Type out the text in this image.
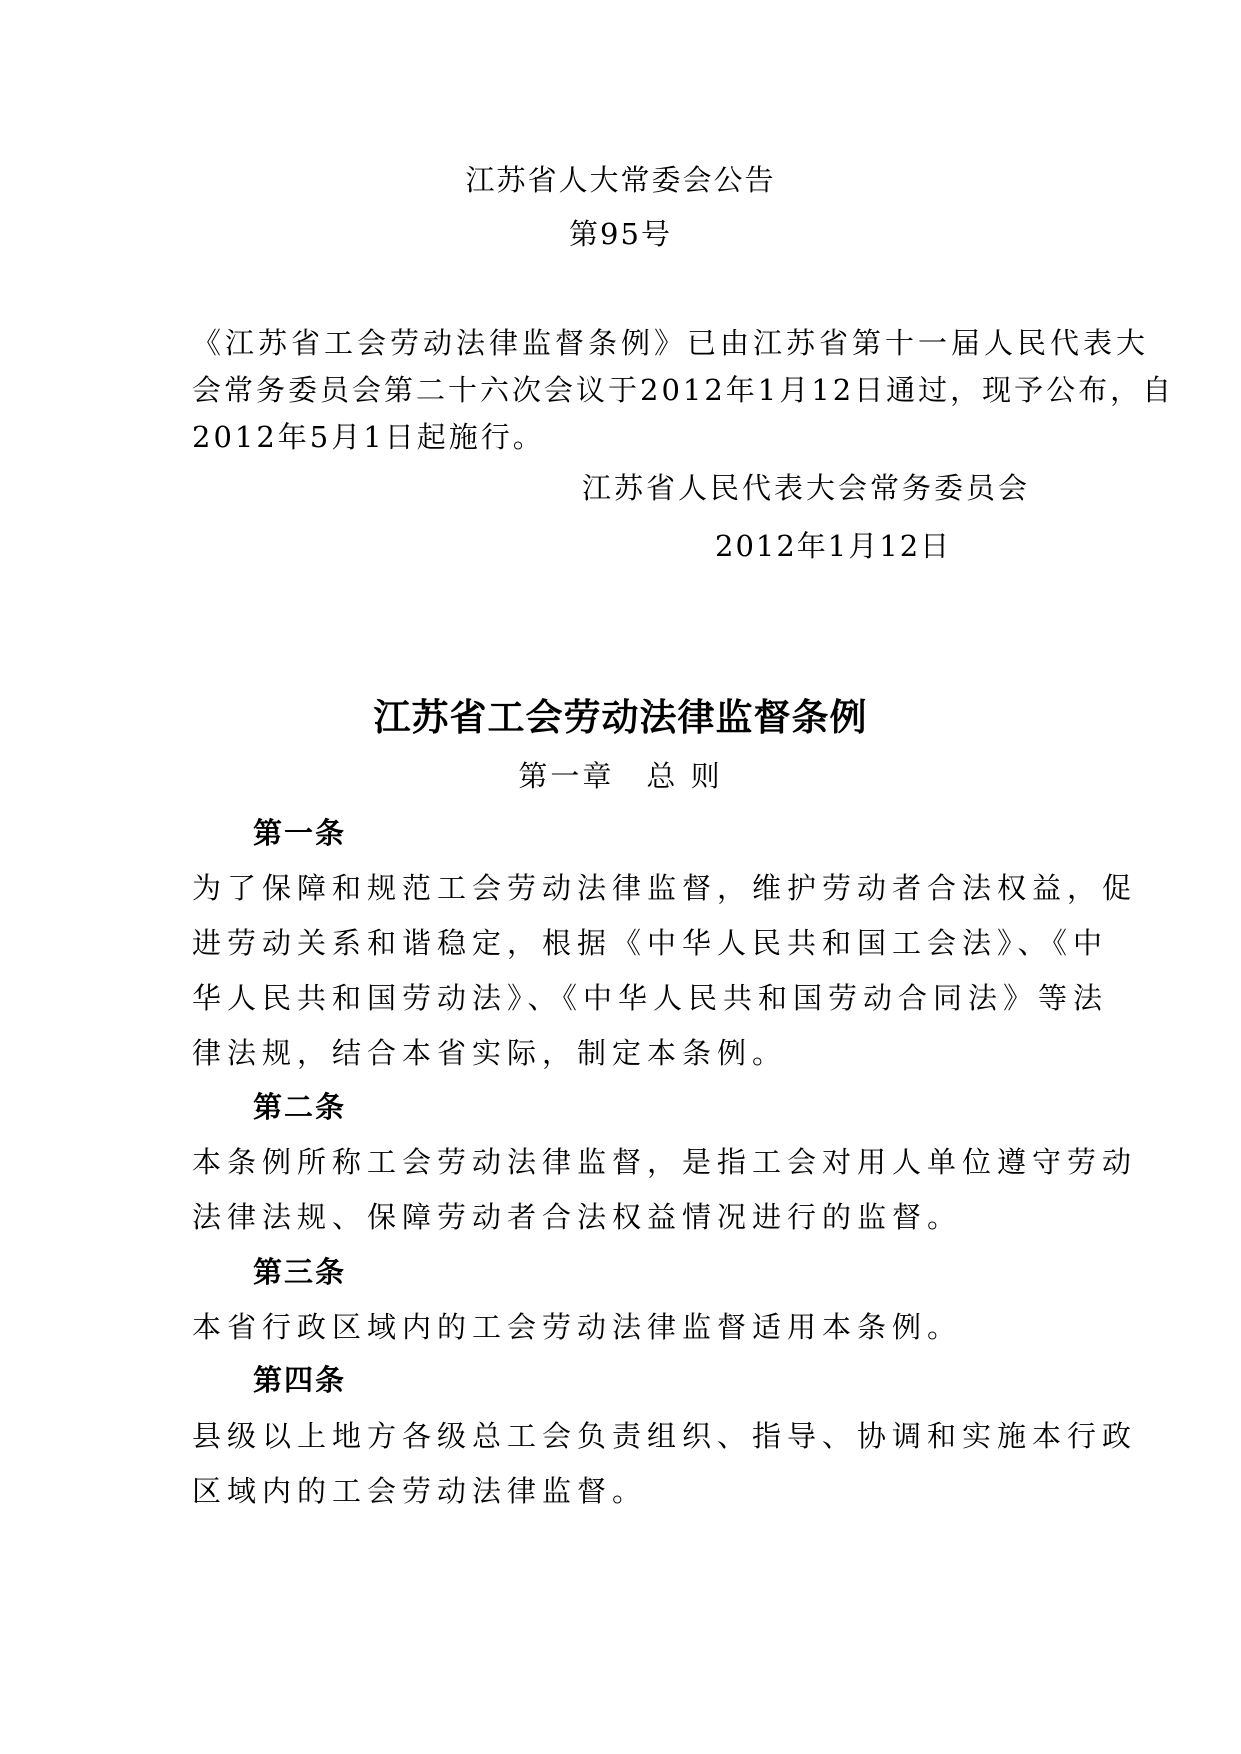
江苏省人大常委会公告
第95号
《江苏省工会劳动法律监督条例》已由江苏省第十一届人民代表大
会常务委员会第二十六次会议于2012年1月12日通过，现予公布，自
2012年5月1日起施行。
江苏省人民代表大会常务委员会
2012年1月12日
江苏省工会劳动法律监督条例
第一章　总 则
第一条
为了保障和规范工会劳动法律监督，维护劳动者合法权益，促
进劳动关系和谐稳定，根据《中华人民共和国工会法》、《中
华人民共和国劳动法》、《中华人民共和国劳动合同法》等法
律法规，结合本省实际，制定本条例。
第二条
本条例所称工会劳动法律监督，是指工会对用人单位遵守劳动
法律法规、保障劳动者合法权益情况进行的监督。
第三条
本省行政区域内的工会劳动法律监督适用本条例。
第四条
县级以上地方各级总工会负责组织、指导、协调和实施本行政
区域内的工会劳动法律监督。
